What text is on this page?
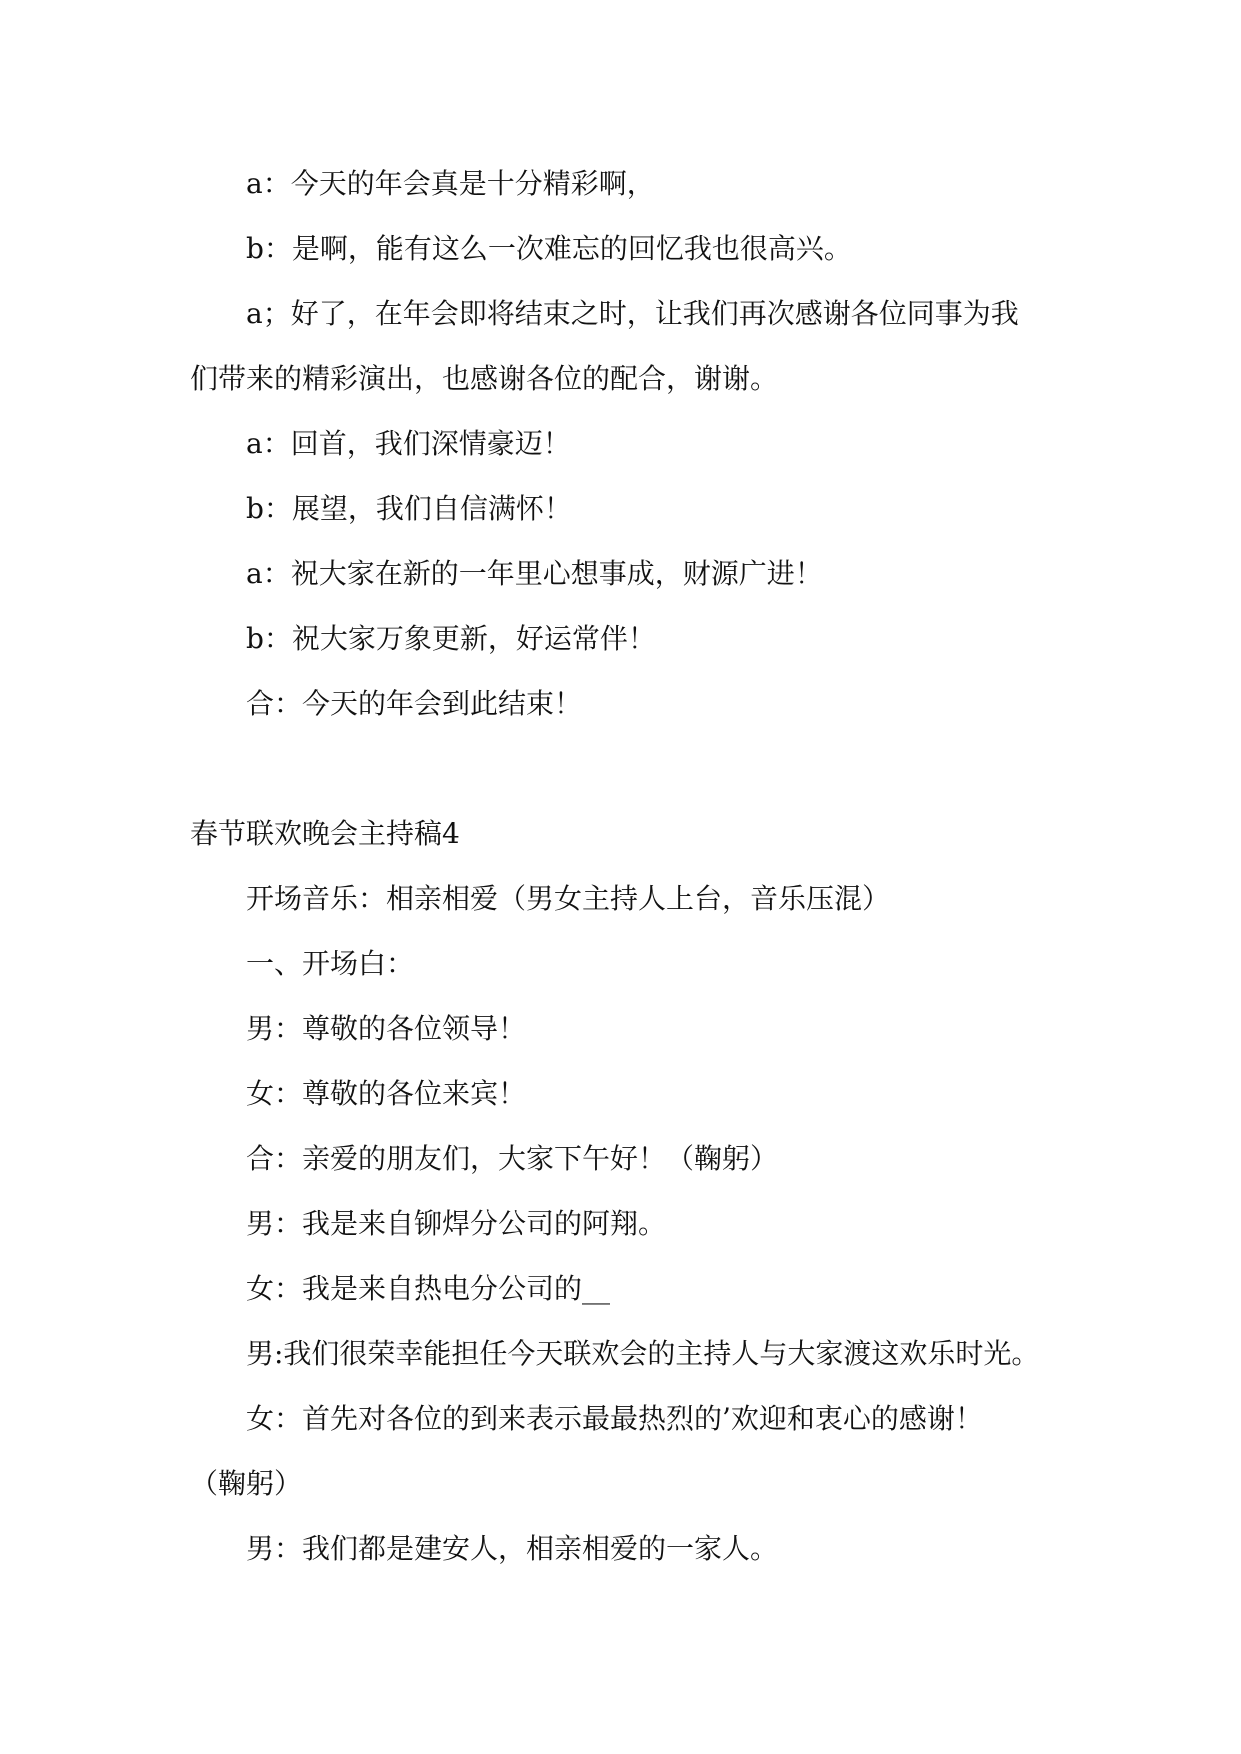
a：今天的年会真是十分精彩啊，
b：是啊，能有这么一次难忘的回忆我也很高兴。
a；好了，在年会即将结束之时，让我们再次感谢各位同事为我
们带来的精彩演出，也感谢各位的配合，谢谢。
a：回首，我们深情豪迈！
b：展望，我们自信满怀！
a：祝大家在新的一年里心想事成，财源广进！
b：祝大家万象更新，好运常伴！
合：今天的年会到此结束！
春节联欢晚会主持稿4
开场音乐：相亲相爱（男女主持人上台，音乐压混）
一、开场白：
男：尊敬的各位领导！
女：尊敬的各位来宾！
合：亲爱的朋友们，大家下午好！（鞠躬）
男：我是来自铆焊分公司的阿翔。
女：我是来自热电分公司的__
男:我们很荣幸能担任今天联欢会的主持人与大家渡这欢乐时光。
女：首先对各位的到来表示最最热烈的’欢迎和衷心的感谢！
（鞠躬）
男：我们都是建安人，相亲相爱的一家人。
